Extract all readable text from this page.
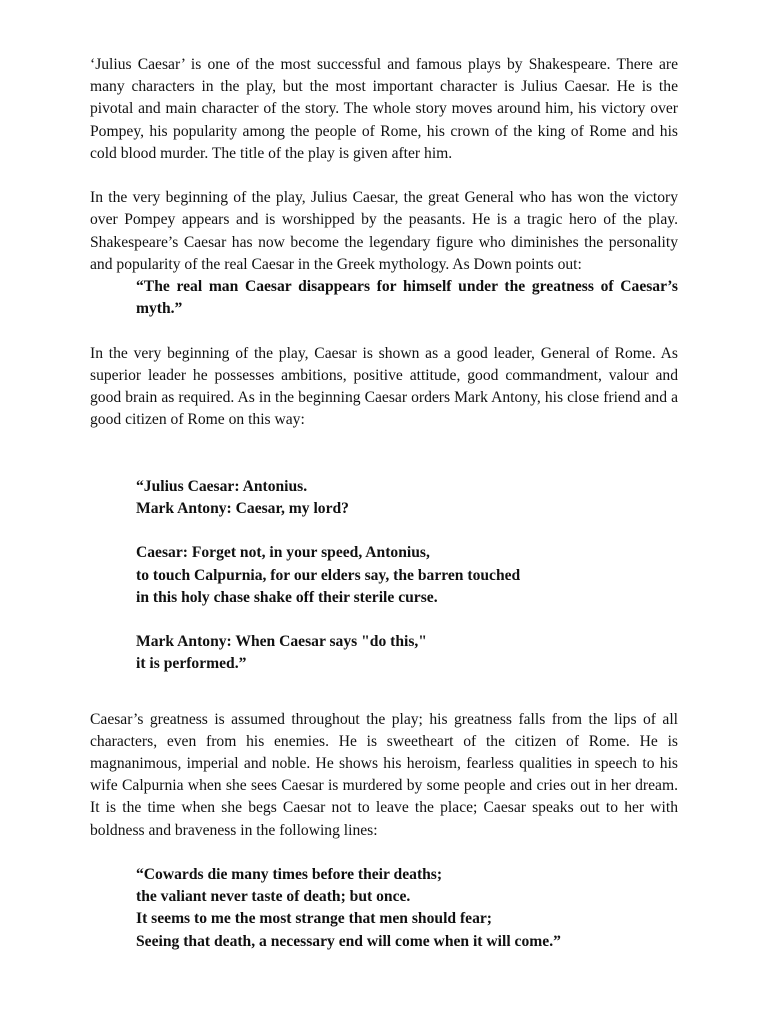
‘Julius Caesar’ is one of the most successful and famous plays by Shakespeare. There are many characters in the play, but the most important character is Julius Caesar. He is the pivotal and main character of the story. The whole story moves around him, his victory over Pompey, his popularity among the people of Rome, his crown of the king of Rome and his cold blood murder. The title of the play is given after him.

In the very beginning of the play, Julius Caesar, the great General who has won the victory over Pompey appears and is worshipped by the peasants. He is a tragic hero of the play. Shakespeare’s Caesar has now become the legendary figure who diminishes the personality and popularity of the real Caesar in the Greek mythology. As Down points out:

“The real man Caesar disappears for himself under the greatness of Caesar’s myth.”

In the very beginning of the play, Caesar is shown as a good leader, General of Rome. As superior leader he possesses ambitions, positive attitude, good commandment, valour and good brain as required. As in the beginning Caesar orders Mark Antony, his close friend and a good citizen of Rome on this way:

“Julius Caesar: Antonius.
Mark Antony: Caesar, my lord?
Caesar: Forget not, in your speed, Antonius,
to touch Calpurnia, for our elders say, the barren touched
in this holy chase shake off their sterile curse.
Mark Antony: When Caesar says "do this,"
it is performed.”

Caesar’s greatness is assumed throughout the play; his greatness falls from the lips of all characters, even from his enemies. He is sweetheart of the citizen of Rome. He is magnanimous, imperial and noble. He shows his heroism, fearless qualities in speech to his wife Calpurnia when she sees Caesar is murdered by some people and cries out in her dream. It is the time when she begs Caesar not to leave the place; Caesar speaks out to her with boldness and braveness in the following lines:

“Cowards die many times before their deaths;
the valiant never taste of death; but once.
It seems to me the most strange that men should fear;
Seeing that death, a necessary end will come when it will come.”
